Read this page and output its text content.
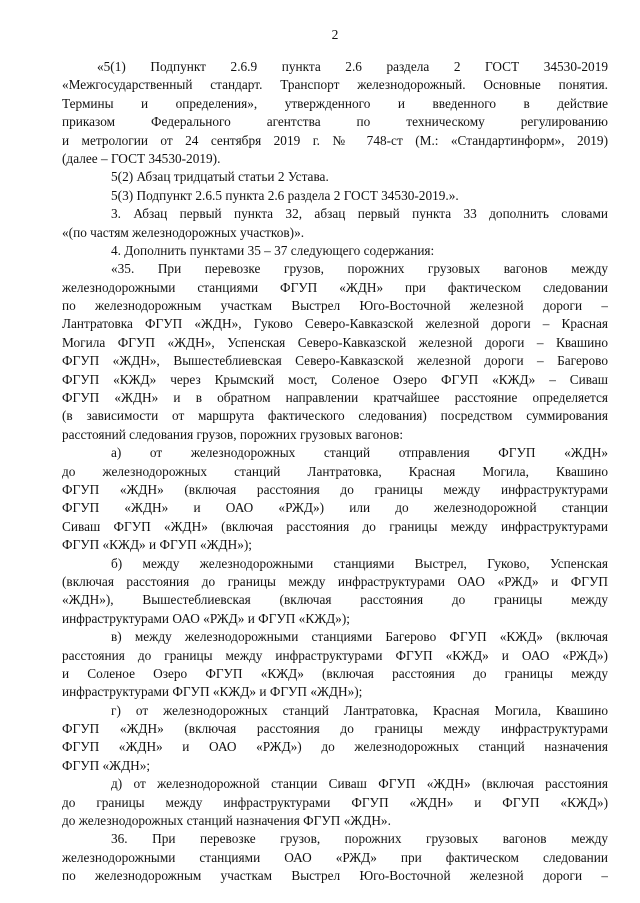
2
«5(1) Подпункт 2.6.9 пункта 2.6 раздела 2 ГОСТ 34530-2019
«Межгосударственный стандарт. Транспорт железнодорожный. Основные понятия.
Термины и определения», утвержденного и введенного в действие
приказом Федерального агентства по техническому регулированию
и метрологии от 24 сентября 2019 г. № 748-ст (М.: «Стандартинформ», 2019)
(далее – ГОСТ 34530-2019).
5(2) Абзац тридцатый статьи 2 Устава.
5(3) Подпункт 2.6.5 пункта 2.6 раздела 2 ГОСТ 34530-2019.».
3. Абзац первый пункта 32, абзац первый пункта 33 дополнить словами
«(по частям железнодорожных участков)».
4. Дополнить пунктами 35 – 37 следующего содержания:
«35. При перевозке грузов, порожних грузовых вагонов между
железнодорожными станциями ФГУП «ЖДН» при фактическом следовании
по железнодорожным участкам Выстрел Юго-Восточной железной дороги –
Лантратовка ФГУП «ЖДН», Гуково Северо-Кавказской железной дороги – Красная
Могила ФГУП «ЖДН», Успенская Северо-Кавказской железной дороги – Квашино
ФГУП «ЖДН», Вышестеблиевская Северо-Кавказской железной дороги – Багерово
ФГУП «КЖД» через Крымский мост, Соленое Озеро ФГУП «КЖД» – Сиваш
ФГУП «ЖДН» и в обратном направлении кратчайшее расстояние определяется
(в зависимости от маршрута фактического следования) посредством суммирования
расстояний следования грузов, порожних грузовых вагонов:
а) от железнодорожных станций отправления ФГУП «ЖДН»
до железнодорожных станций Лантратовка, Красная Могила, Квашино
ФГУП «ЖДН» (включая расстояния до границы между инфраструктурами
ФГУП «ЖДН» и ОАО «РЖД») или до железнодорожной станции
Сиваш ФГУП «ЖДН» (включая расстояния до границы между инфраструктурами
ФГУП «КЖД» и ФГУП «ЖДН»);
б) между железнодорожными станциями Выстрел, Гуково, Успенская
(включая расстояния до границы между инфраструктурами ОАО «РЖД» и ФГУП
«ЖДН»), Вышестеблиевская (включая расстояния до границы между
инфраструктурами ОАО «РЖД» и ФГУП «КЖД»);
в) между железнодорожными станциями Багерово ФГУП «КЖД» (включая
расстояния до границы между инфраструктурами ФГУП «КЖД» и ОАО «РЖД»)
и Соленое Озеро ФГУП «КЖД» (включая расстояния до границы между
инфраструктурами ФГУП «КЖД» и ФГУП «ЖДН»);
г) от железнодорожных станций Лантратовка, Красная Могила, Квашино
ФГУП «ЖДН» (включая расстояния до границы между инфраструктурами
ФГУП «ЖДН» и ОАО «РЖД») до железнодорожных станций назначения
ФГУП «ЖДН»;
д) от железнодорожной станции Сиваш ФГУП «ЖДН» (включая расстояния
до границы между инфраструктурами ФГУП «ЖДН» и ФГУП «КЖД»)
до железнодорожных станций назначения ФГУП «ЖДН».
36. При перевозке грузов, порожних грузовых вагонов между
железнодорожными станциями ОАО «РЖД» при фактическом следовании
по железнодорожным участкам Выстрел Юго-Восточной железной дороги –
